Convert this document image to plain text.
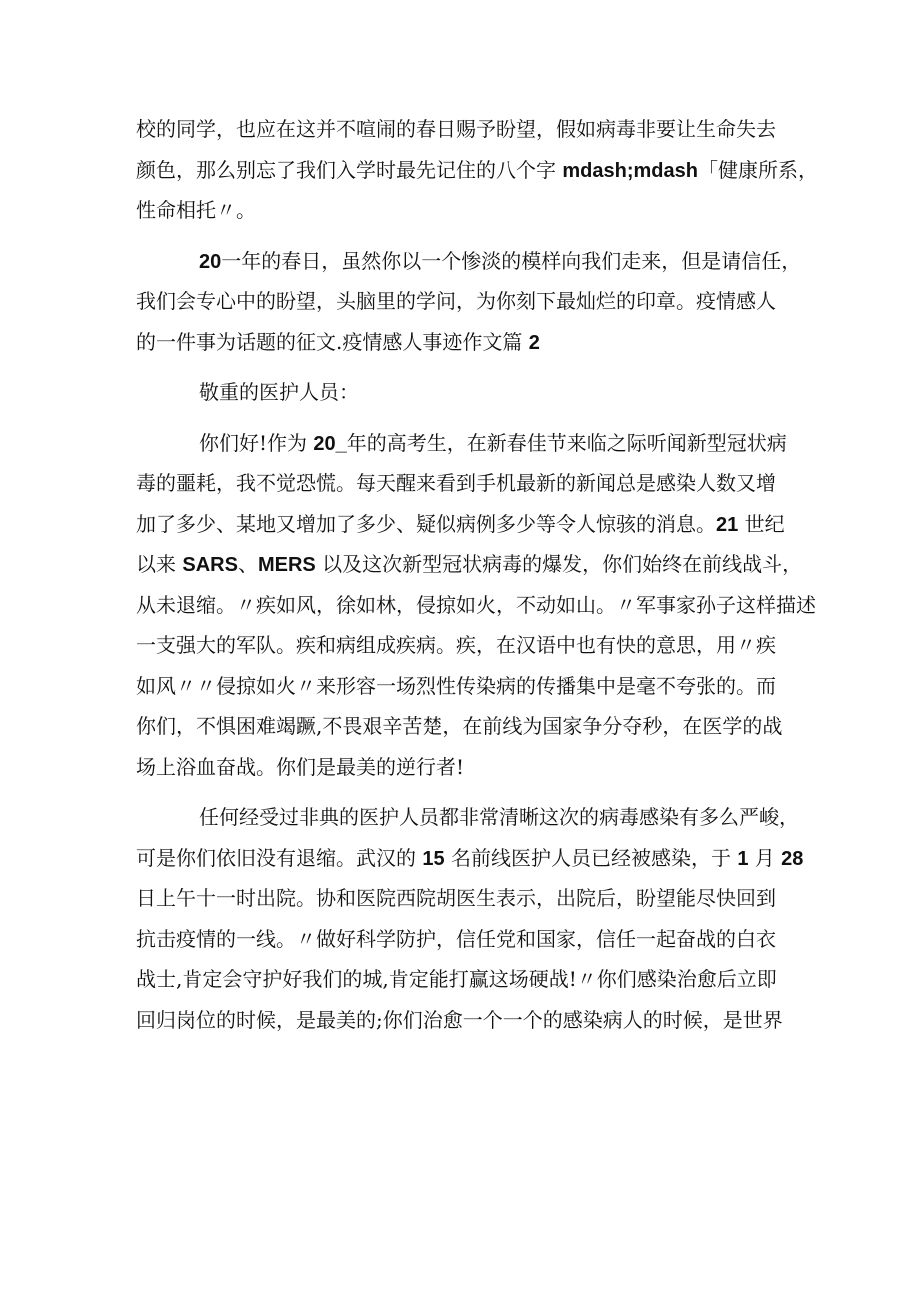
校的同学，也应在这并不喧闹的春日赐予盼望，假如病毒非要让生命失去
颜色，那么别忘了我们入学时最先记住的八个字 mdash;mdash「健康所系，
性命相托〃。
20一年的春日，虽然你以一个惨淡的模样向我们走来，但是请信任，
我们会专心中的盼望，头脑里的学问，为你刻下最灿烂的印章。疫情感人
的一件事为话题的征文.疫情感人事迹作文篇 2
敬重的医护人员：
你们好!作为 20_年的高考生，在新春佳节来临之际听闻新型冠状病
毒的噩耗，我不觉恐慌。每天醒来看到手机最新的新闻总是感染人数又增
加了多少、某地又增加了多少、疑似病例多少等令人惊骇的消息。21 世纪
以来 SARS、MERS 以及这次新型冠状病毒的爆发，你们始终在前线战斗，
从未退缩。〃疾如风，徐如林，侵掠如火，不动如山。〃军事家孙子这样描述
一支强大的军队。疾和病组成疾病。疾，在汉语中也有快的意思，用〃疾
如风〃〃侵掠如火〃来形容一场烈性传染病的传播集中是毫不夸张的。而
你们，不惧困难竭蹶,不畏艰辛苦楚，在前线为国家争分夺秒，在医学的战
场上浴血奋战。你们是最美的逆行者!
任何经受过非典的医护人员都非常清晰这次的病毒感染有多么严峻，
可是你们依旧没有退缩。武汉的 15 名前线医护人员已经被感染，于 1 月 28
日上午十一时出院。协和医院西院胡医生表示，出院后，盼望能尽快回到
抗击疫情的一线。〃做好科学防护，信任党和国家，信任一起奋战的白衣
战士,肯定会守护好我们的城,肯定能打赢这场硬战!〃你们感染治愈后立即
回归岗位的时候，是最美的;你们治愈一个一个的感染病人的时候，是世界
